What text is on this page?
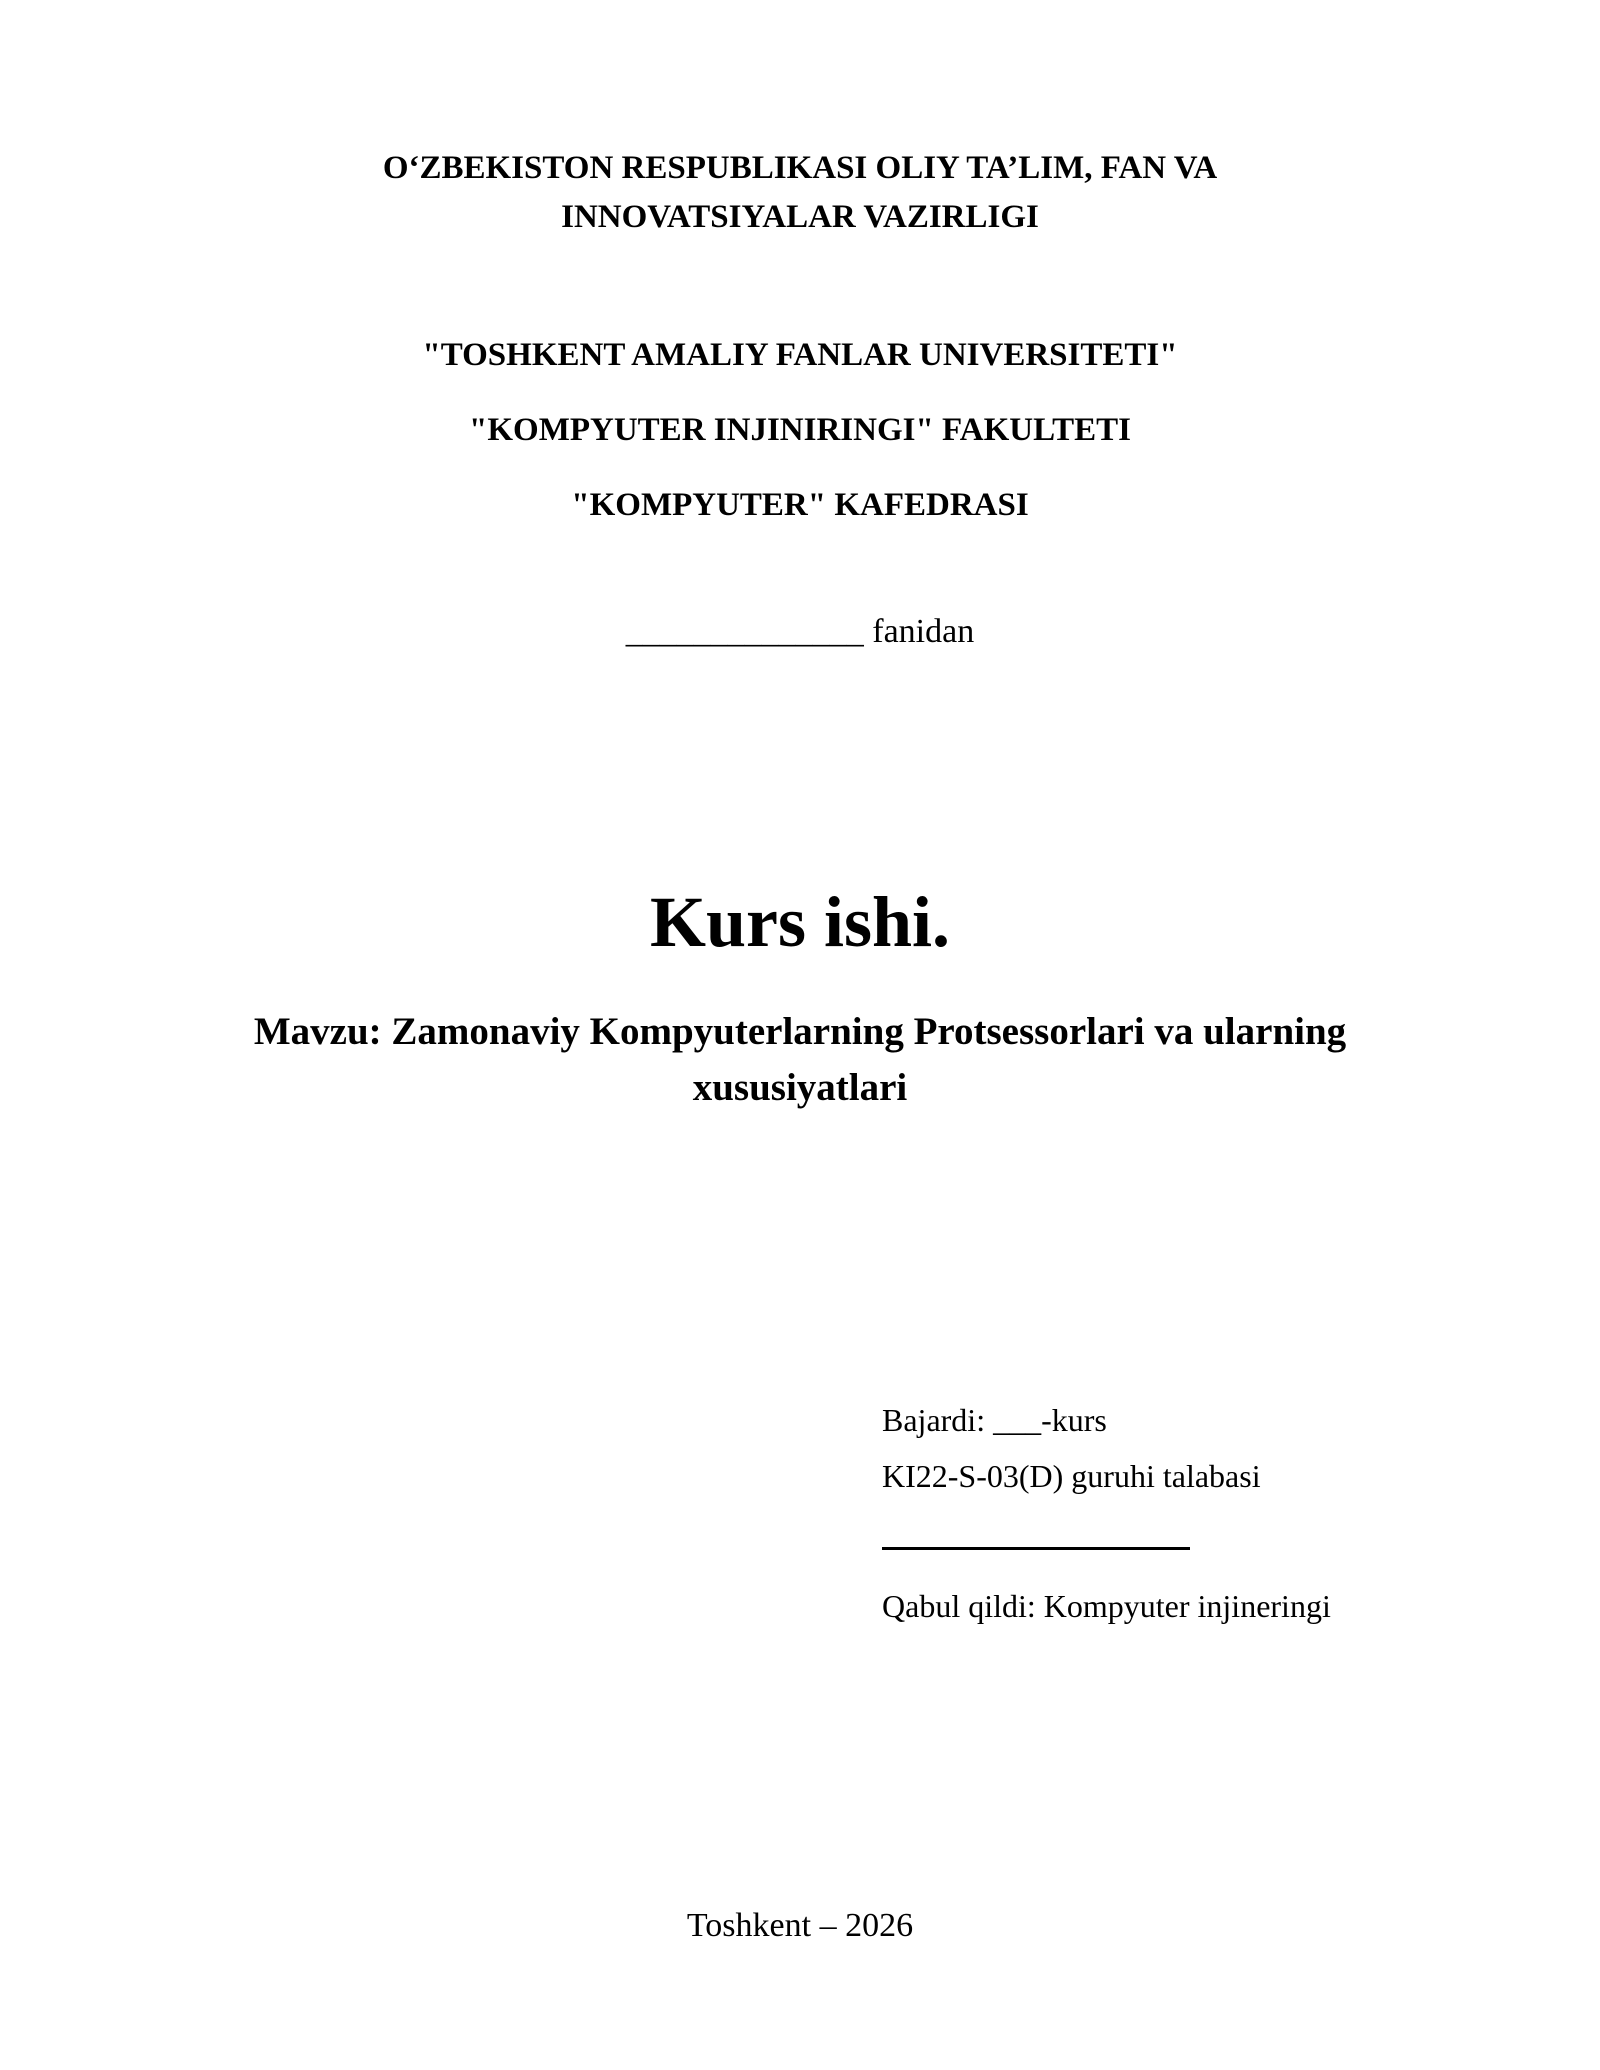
O‘ZBEKISTON RESPUBLIKASI OLIY TA’LIM, FAN VA
INNOVATSIYALAR VAZIRLIGI
"TOSHKENT AMALIY FANLAR UNIVERSITETI"
"KOMPYUTER INJINIRINGI" FAKULTETI
"KOMPYUTER" KAFEDRASI
______________ fanidan
Kurs ishi.
Mavzu: Zamonaviy Kompyuterlarning Protsessorlari va ularning
xususiyatlari
Bajardi: ___-kurs
KI22-S-03(D) guruhi talabasi
Qabul qildi: Kompyuter injineringi
Toshkent – 2026
